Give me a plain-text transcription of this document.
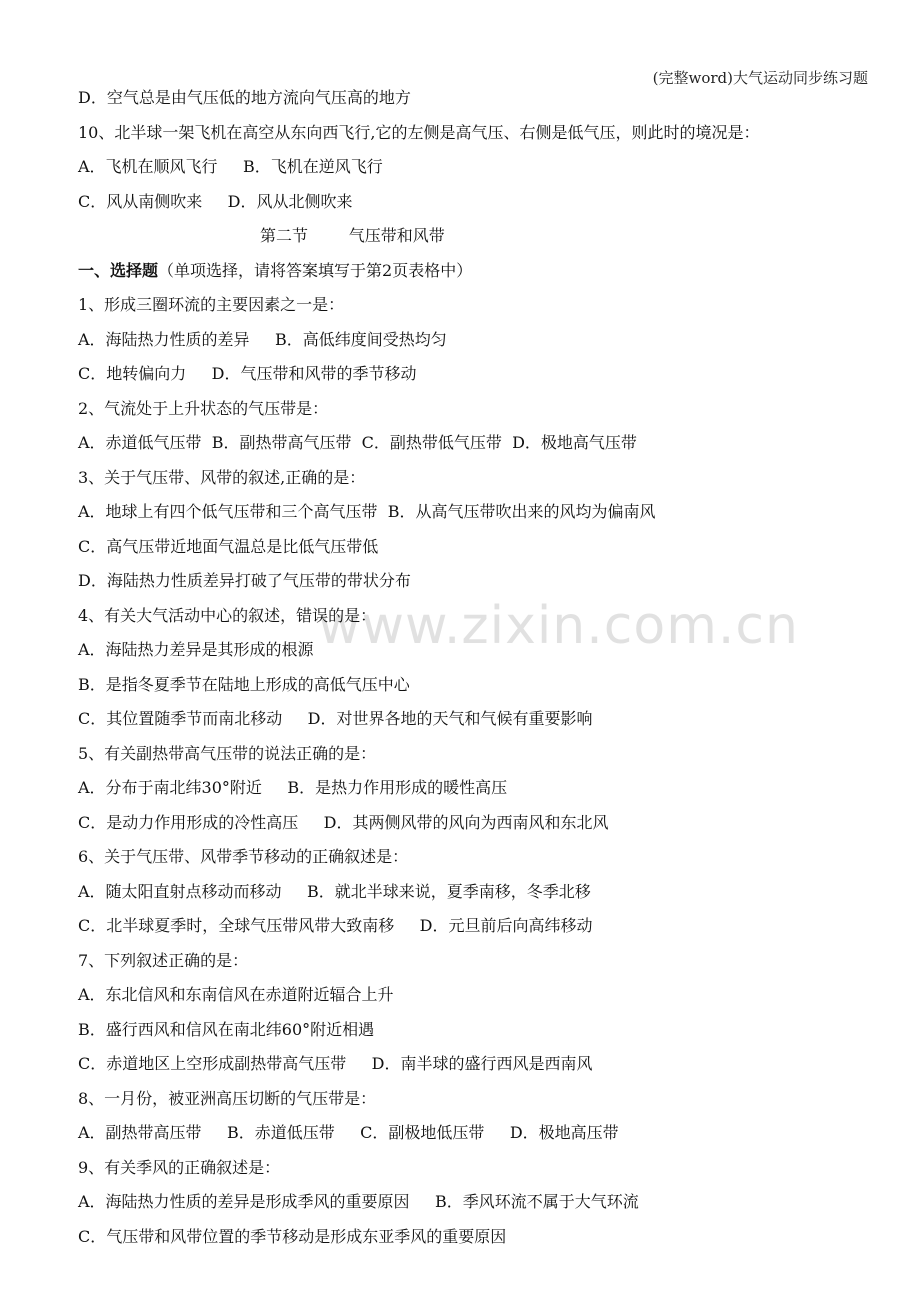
(完整word)大气运动同步练习题
www.zixin.com.cn
D．空气总是由气压低的地方流向气压高的地方
10、北半球一架飞机在高空从东向西飞行,它的左侧是高气压、右侧是低气压，则此时的境况是：
A．飞机在顺风飞行     B．飞机在逆风飞行
C．风从南侧吹来     D．风从北侧吹来
第二节        气压带和风带
一、选择题（单项选择，请将答案填写于第2页表格中）
1、形成三圈环流的主要因素之一是：
A．海陆热力性质的差异     B．高低纬度间受热均匀
C．地转偏向力     D．气压带和风带的季节移动
2、气流处于上升状态的气压带是：
A．赤道低气压带  B．副热带高气压带  C．副热带低气压带  D．极地高气压带
3、关于气压带、风带的叙述,正确的是：
A．地球上有四个低气压带和三个高气压带  B．从高气压带吹出来的风均为偏南风
C．高气压带近地面气温总是比低气压带低
D．海陆热力性质差异打破了气压带的带状分布
4、有关大气活动中心的叙述，错误的是：
A．海陆热力差异是其形成的根源
B．是指冬夏季节在陆地上形成的高低气压中心
C．其位置随季节而南北移动     D．对世界各地的天气和气候有重要影响
5、有关副热带高气压带的说法正确的是：
A．分布于南北纬30°附近     B．是热力作用形成的暖性高压
C．是动力作用形成的冷性高压     D．其两侧风带的风向为西南风和东北风
6、关于气压带、风带季节移动的正确叙述是：
A．随太阳直射点移动而移动     B．就北半球来说，夏季南移，冬季北移
C．北半球夏季时，全球气压带风带大致南移     D．元旦前后向高纬移动
7、下列叙述正确的是：
A．东北信风和东南信风在赤道附近辐合上升
B．盛行西风和信风在南北纬60°附近相遇
C．赤道地区上空形成副热带高气压带     D．南半球的盛行西风是西南风
8、一月份，被亚洲高压切断的气压带是：
A．副热带高压带     B．赤道低压带     C．副极地低压带     D．极地高压带
9、有关季风的正确叙述是：
A．海陆热力性质的差异是形成季风的重要原因     B．季风环流不属于大气环流
C．气压带和风带位置的季节移动是形成东亚季风的重要原因
